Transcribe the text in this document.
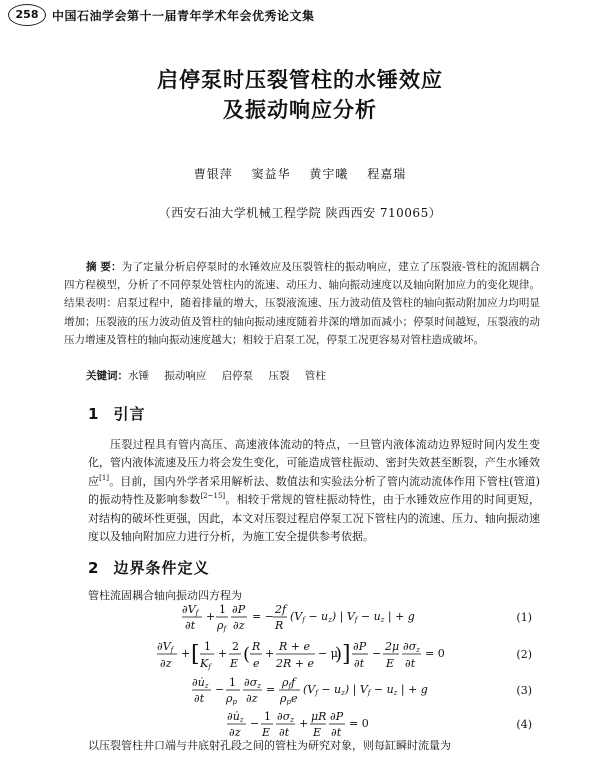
258	中国石油学会第十一届青年学术年会优秀论文集
启停泵时压裂管柱的水锤效应
及振动响应分析
曹银萍 窦益华 黄宇曦 程嘉瑞
（西安石油大学机械工程学院 陕西西安 710065）

摘 要：为了定量分析启停泵时的水锤效应及压裂管柱的振动响应，建立了压裂液-管柱的流固耦合四方程模型，分析了不同停泵处管柱内的流速、动压力、轴向振动速度以及轴向附加应力的变化规律。结果表明：启泵过程中，随着排量的增大，压裂液流速、压力波动值及管柱的轴向振动附加应力均明显增加；压裂液的压力波动值及管柱的轴向振动速度随着井深的增加而减小；停泵时间越短，压裂液的动压力增速及管柱的轴向振动速度越大；相较于启泵工况，停泵工况更容易对管柱造成破坏。

关键词：水锤 振动响应 启停泵 压裂 管柱

1 引言

压裂过程具有管内高压、高速液体流动的特点，一旦管内液体流动边界短时间内发生变化，管内液体流速及压力将会发生变化，可能造成管柱振动、密封失效甚至断裂，产生水锤效应[1]。目前，国内外学者采用解析法、数值法和实验法分析了管内流动流体作用下管柱(管道)的振动特性及影响参数[2~15]。相较于常规的管柱振动特性，由于水锤效应作用的时间更短，对结构的破坏性更强，因此，本文对压裂过程启停泵工况下管柱内的流速、压力、轴向振动速度以及轴向附加应力进行分析，为施工安全提供参考依据。

2 边界条件定义

管柱流固耦合轴向振动四方程为

∂Vf
∂t
+
1
ρf
∂P
∂z
= −
2f
R
(Vf − uz) | Vf − uz | + g	(1)
∂Vf
∂z
+ [ 1
Kf
+
2
E ( R
e
+
R + e
2R + e
− μ
) ] ∂P
∂t
−
2μ
E
∂σz
∂t
= 0	(2)
∂u̇z
∂t
−
1
ρp
∂σz
∂z
=
ρff
ρpe
(Vf − uz) | Vf − uz | + g	(3)
∂u̇z
∂z
−
1
E
∂σz
∂t
+
μR
E
∂P
∂t
= 0	(4)

以压裂管柱井口端与井底射孔段之间的管柱为研究对象，则每缸瞬时流量为
